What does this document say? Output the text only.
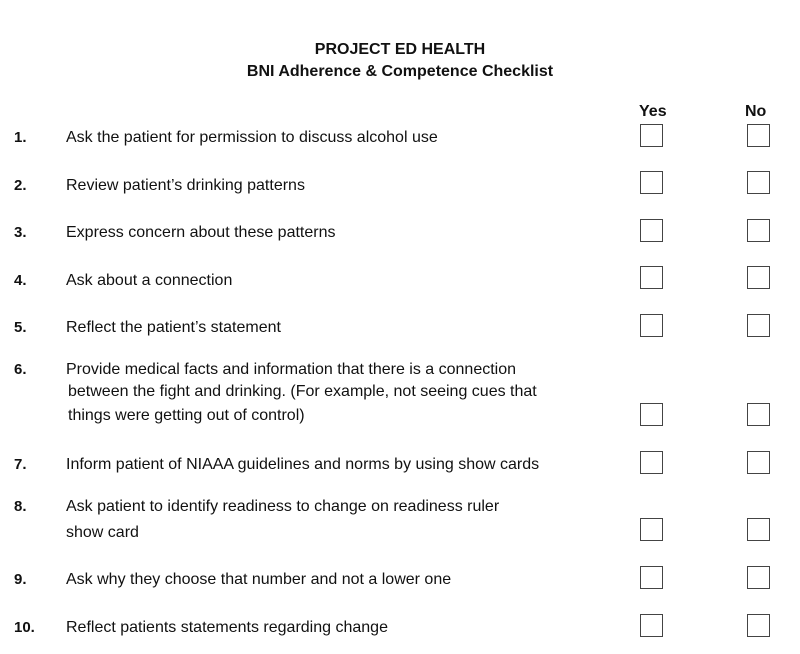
PROJECT ED HEALTH
BNI Adherence & Competence Checklist
Yes	No
1. Ask the patient for permission to discuss alcohol use
2. Review patient’s drinking patterns
3. Express concern about these patterns
4. Ask about a connection
5. Reflect the patient’s statement
6. Provide medical facts and information that there is a connection
between the fight and drinking. (For example, not seeing cues that
things were getting out of control)
7. Inform patient of NIAAA guidelines and norms by using show cards
8. Ask patient to identify readiness to change on readiness ruler
show card
9. Ask why they choose that number and not a lower one
10. Reflect patients statements regarding change
